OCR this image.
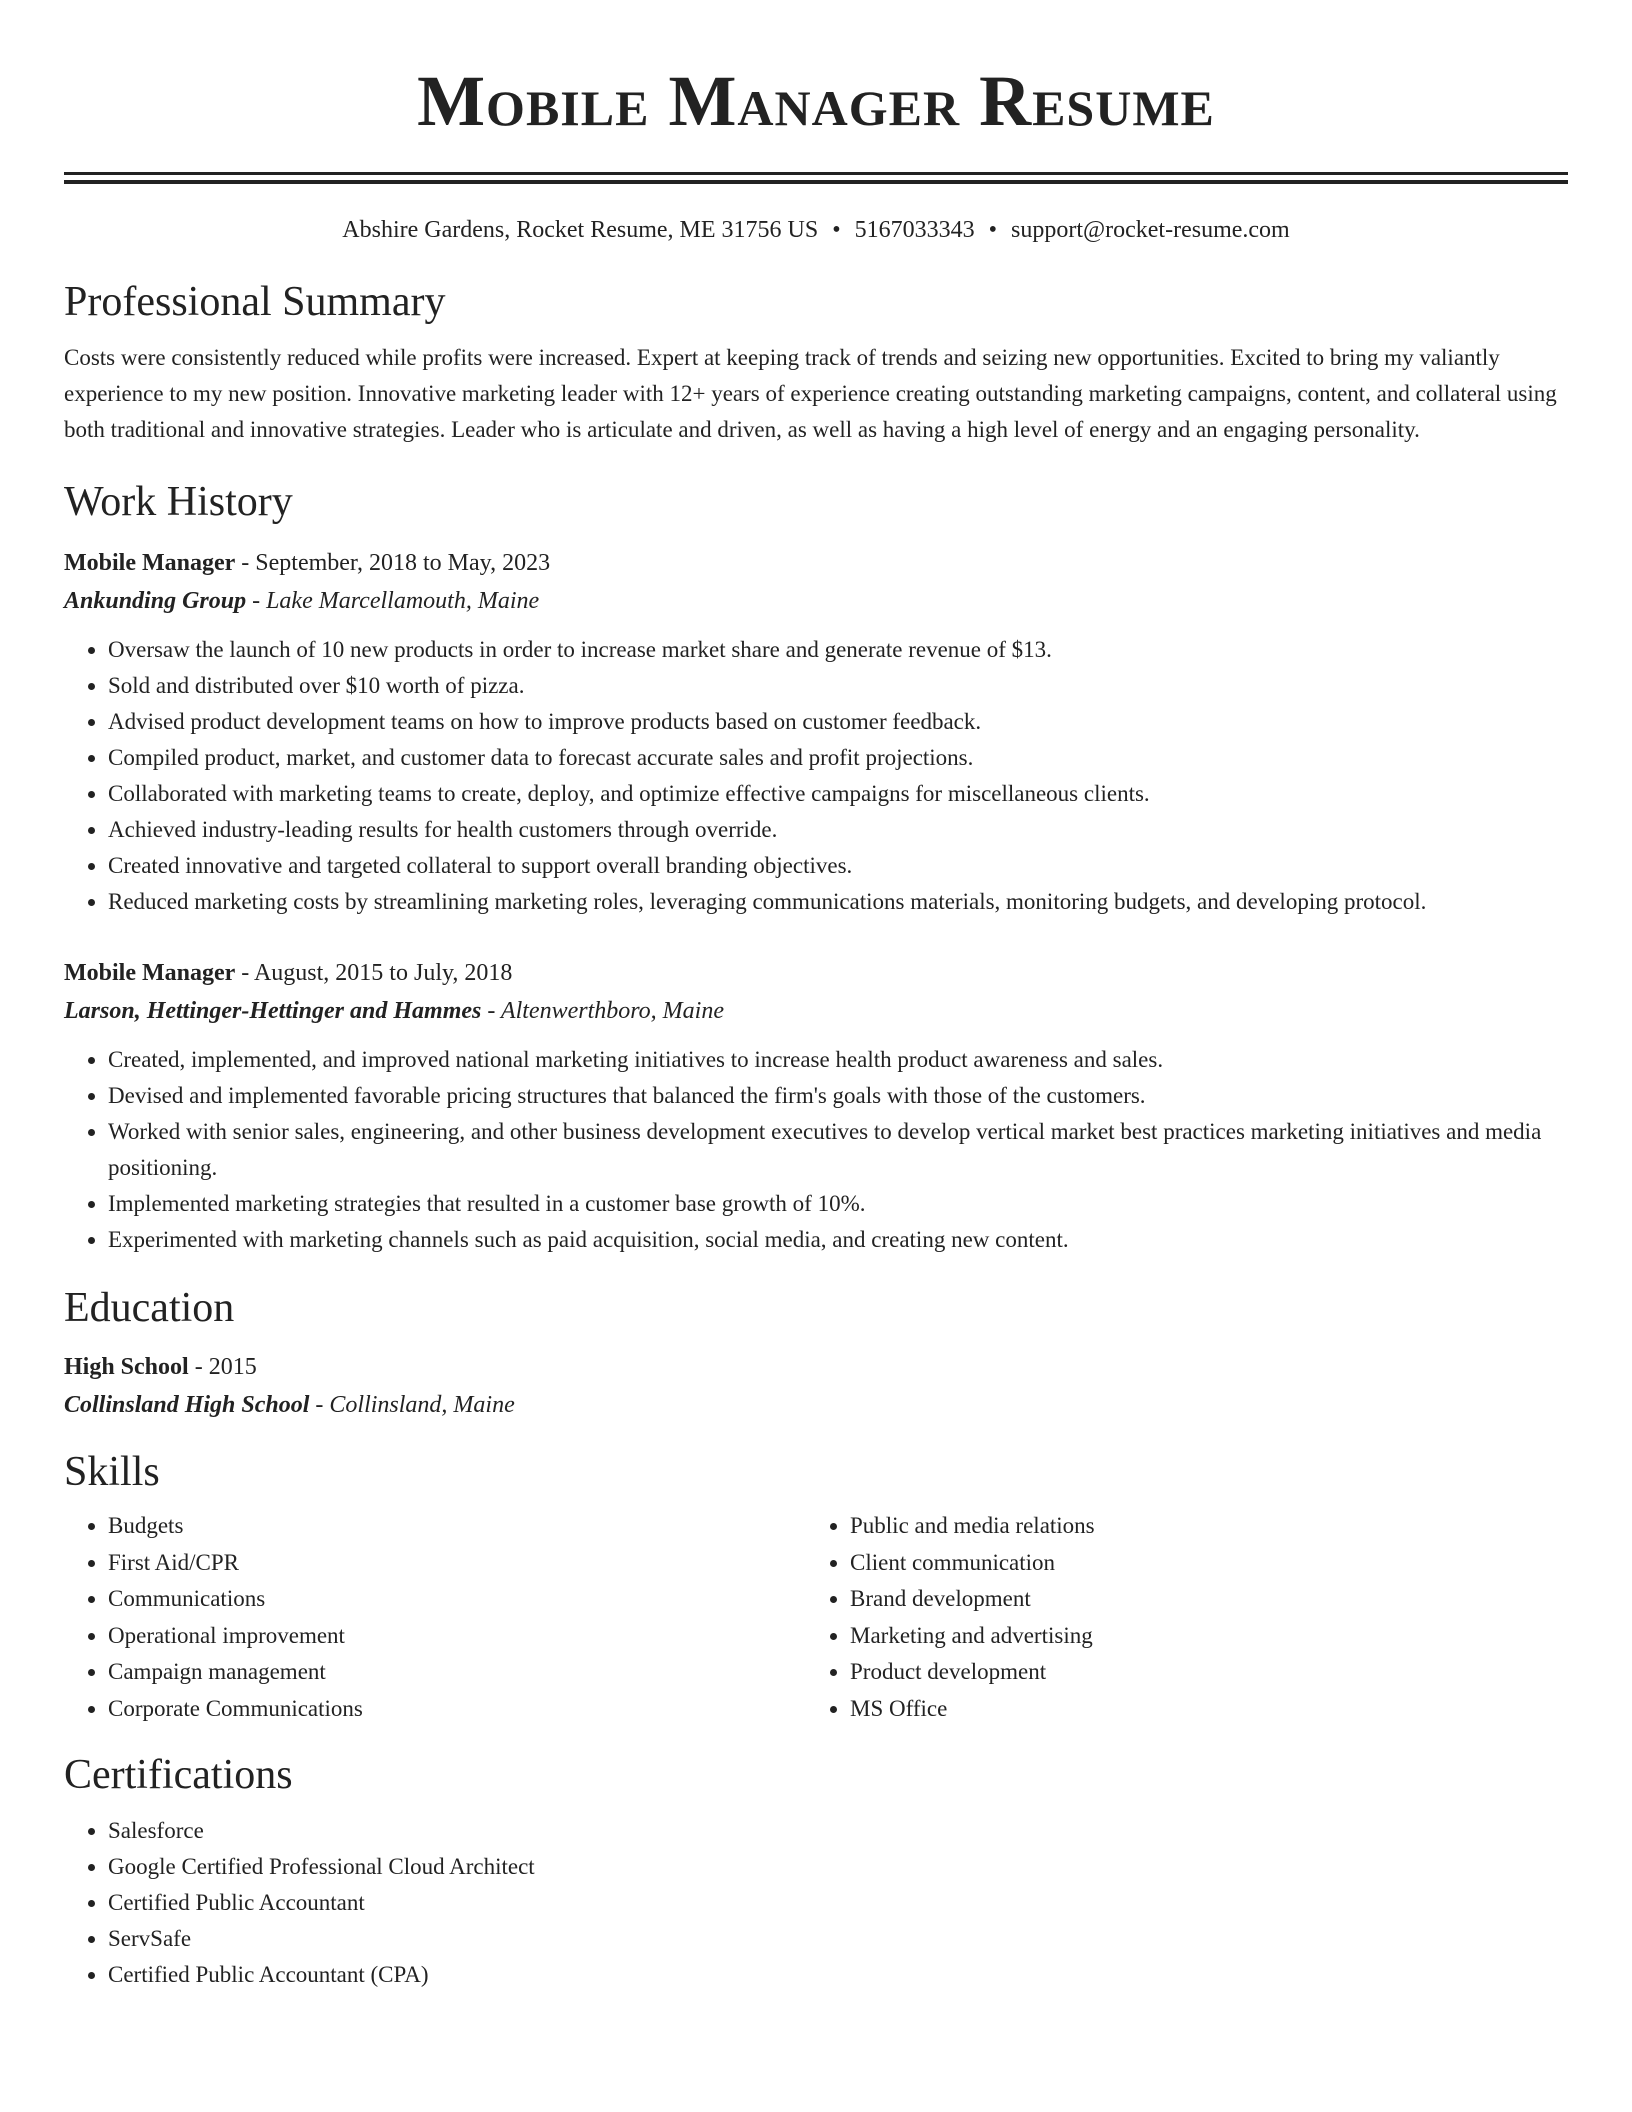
Mobile Manager Resume
Abshire Gardens, Rocket Resume, ME 31756 US • 5167033343 • support@rocket-resume.com
Professional Summary
Costs were consistently reduced while profits were increased. Expert at keeping track of trends and seizing new opportunities. Excited to bring my valiantly experience to my new position. Innovative marketing leader with 12+ years of experience creating outstanding marketing campaigns, content, and collateral using both traditional and innovative strategies. Leader who is articulate and driven, as well as having a high level of energy and an engaging personality.
Work History
Mobile Manager - September, 2018 to May, 2023
Ankunding Group - Lake Marcellamouth, Maine
• Oversaw the launch of 10 new products in order to increase market share and generate revenue of $13.
• Sold and distributed over $10 worth of pizza.
• Advised product development teams on how to improve products based on customer feedback.
• Compiled product, market, and customer data to forecast accurate sales and profit projections.
• Collaborated with marketing teams to create, deploy, and optimize effective campaigns for miscellaneous clients.
• Achieved industry-leading results for health customers through override.
• Created innovative and targeted collateral to support overall branding objectives.
• Reduced marketing costs by streamlining marketing roles, leveraging communications materials, monitoring budgets, and developing protocol.
Mobile Manager - August, 2015 to July, 2018
Larson, Hettinger-Hettinger and Hammes - Altenwerthboro, Maine
• Created, implemented, and improved national marketing initiatives to increase health product awareness and sales.
• Devised and implemented favorable pricing structures that balanced the firm's goals with those of the customers.
• Worked with senior sales, engineering, and other business development executives to develop vertical market best practices marketing initiatives and media positioning.
• Implemented marketing strategies that resulted in a customer base growth of 10%.
• Experimented with marketing channels such as paid acquisition, social media, and creating new content.
Education
High School - 2015
Collinsland High School - Collinsland, Maine
Skills
• Budgets
• First Aid/CPR
• Communications
• Operational improvement
• Campaign management
• Corporate Communications
• Public and media relations
• Client communication
• Brand development
• Marketing and advertising
• Product development
• MS Office
Certifications
• Salesforce
• Google Certified Professional Cloud Architect
• Certified Public Accountant
• ServSafe
• Certified Public Accountant (CPA)
